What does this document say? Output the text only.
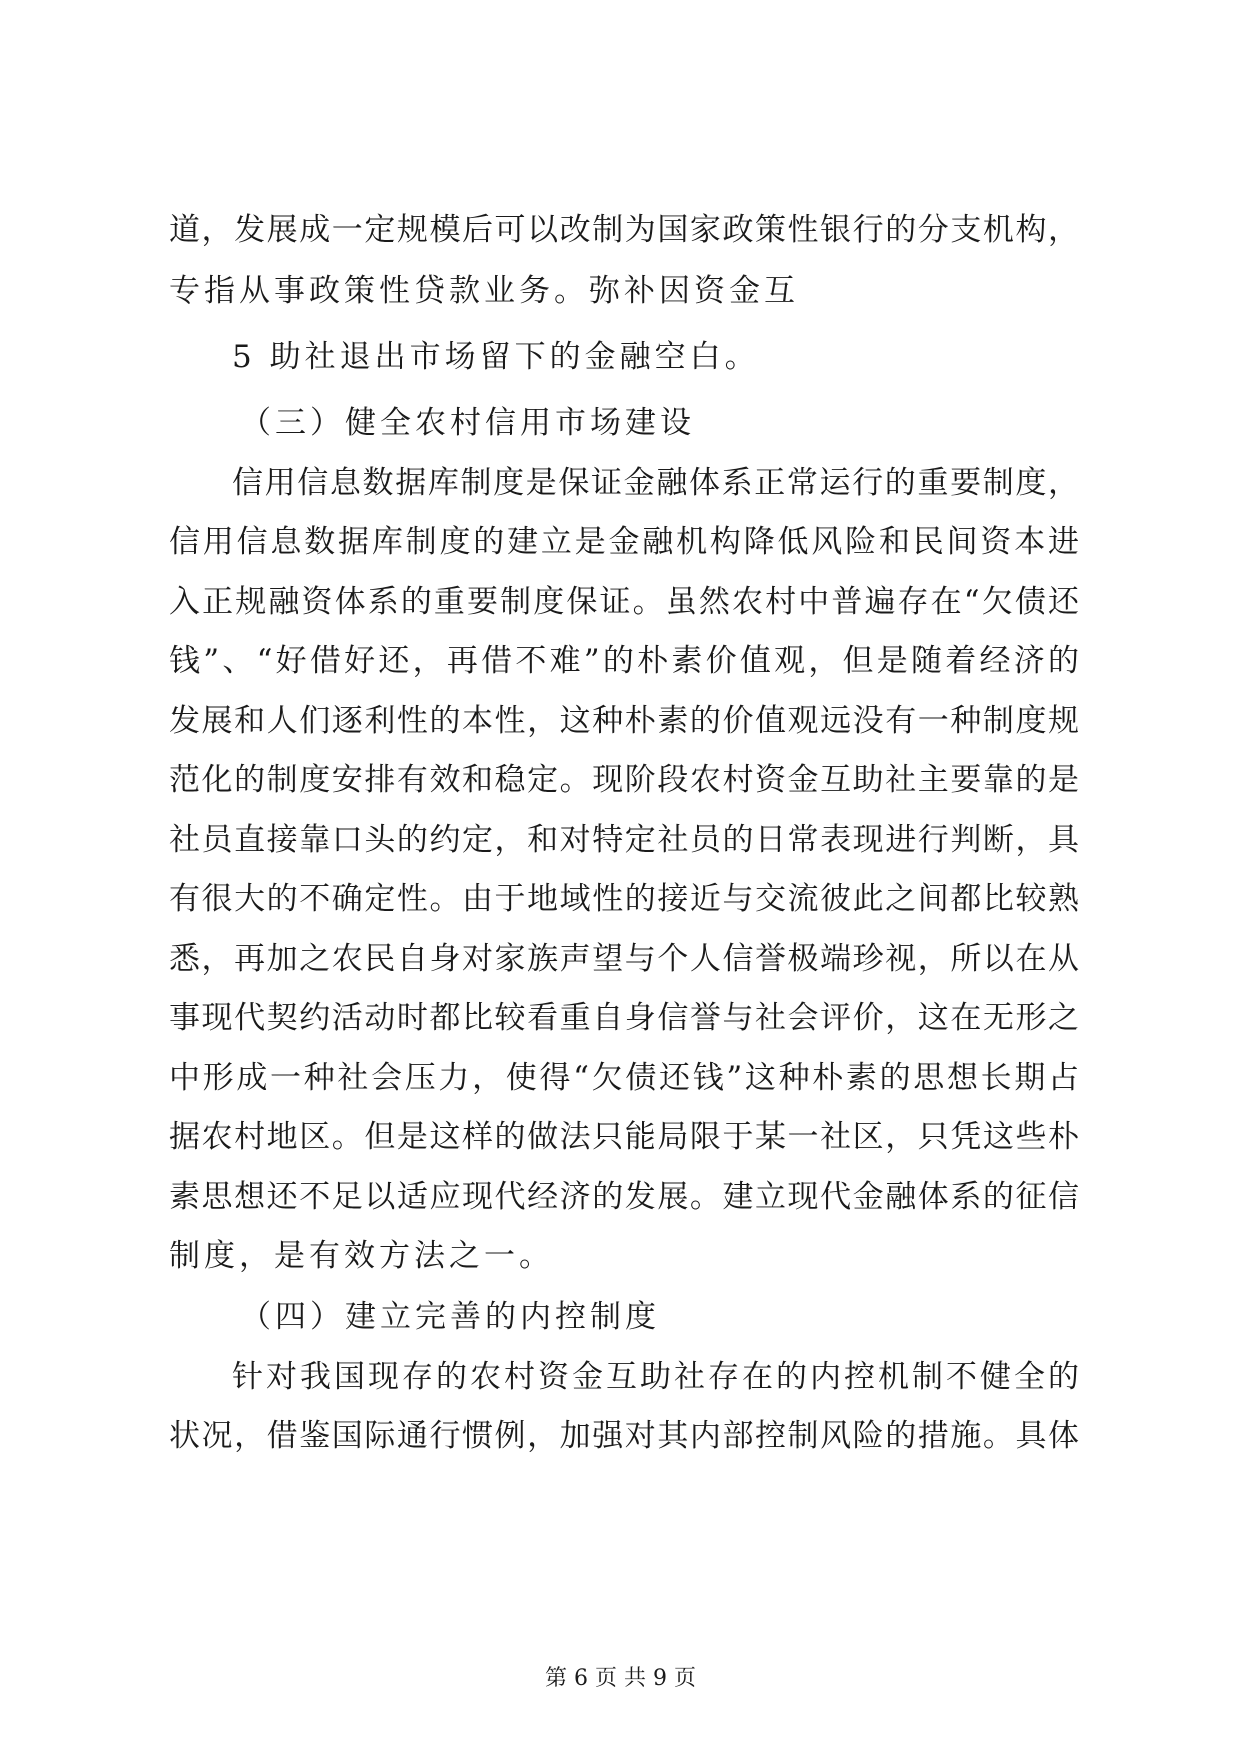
道，发展成一定规模后可以改制为国家政策性银行的分支机构，
专指从事政策性贷款业务。弥补因资金互
5 助社退出市场留下的金融空白。
（三）健全农村信用市场建设
信用信息数据库制度是保证金融体系正常运行的重要制度，
信用信息数据库制度的建立是金融机构降低风险和民间资本进
入正规融资体系的重要制度保证。虽然农村中普遍存在“欠债还
钱”、“好借好还，再借不难”的朴素价值观，但是随着经济的
发展和人们逐利性的本性，这种朴素的价值观远没有一种制度规
范化的制度安排有效和稳定。现阶段农村资金互助社主要靠的是
社员直接靠口头的约定，和对特定社员的日常表现进行判断，具
有很大的不确定性。由于地域性的接近与交流彼此之间都比较熟
悉，再加之农民自身对家族声望与个人信誉极端珍视，所以在从
事现代契约活动时都比较看重自身信誉与社会评价，这在无形之
中形成一种社会压力，使得“欠债还钱”这种朴素的思想长期占
据农村地区。但是这样的做法只能局限于某一社区，只凭这些朴
素思想还不足以适应现代经济的发展。建立现代金融体系的征信
制度，是有效方法之一。
（四）建立完善的内控制度
针对我国现存的农村资金互助社存在的内控机制不健全的
状况，借鉴国际通行惯例，加强对其内部控制风险的措施。具体
第 6 页 共 9 页
